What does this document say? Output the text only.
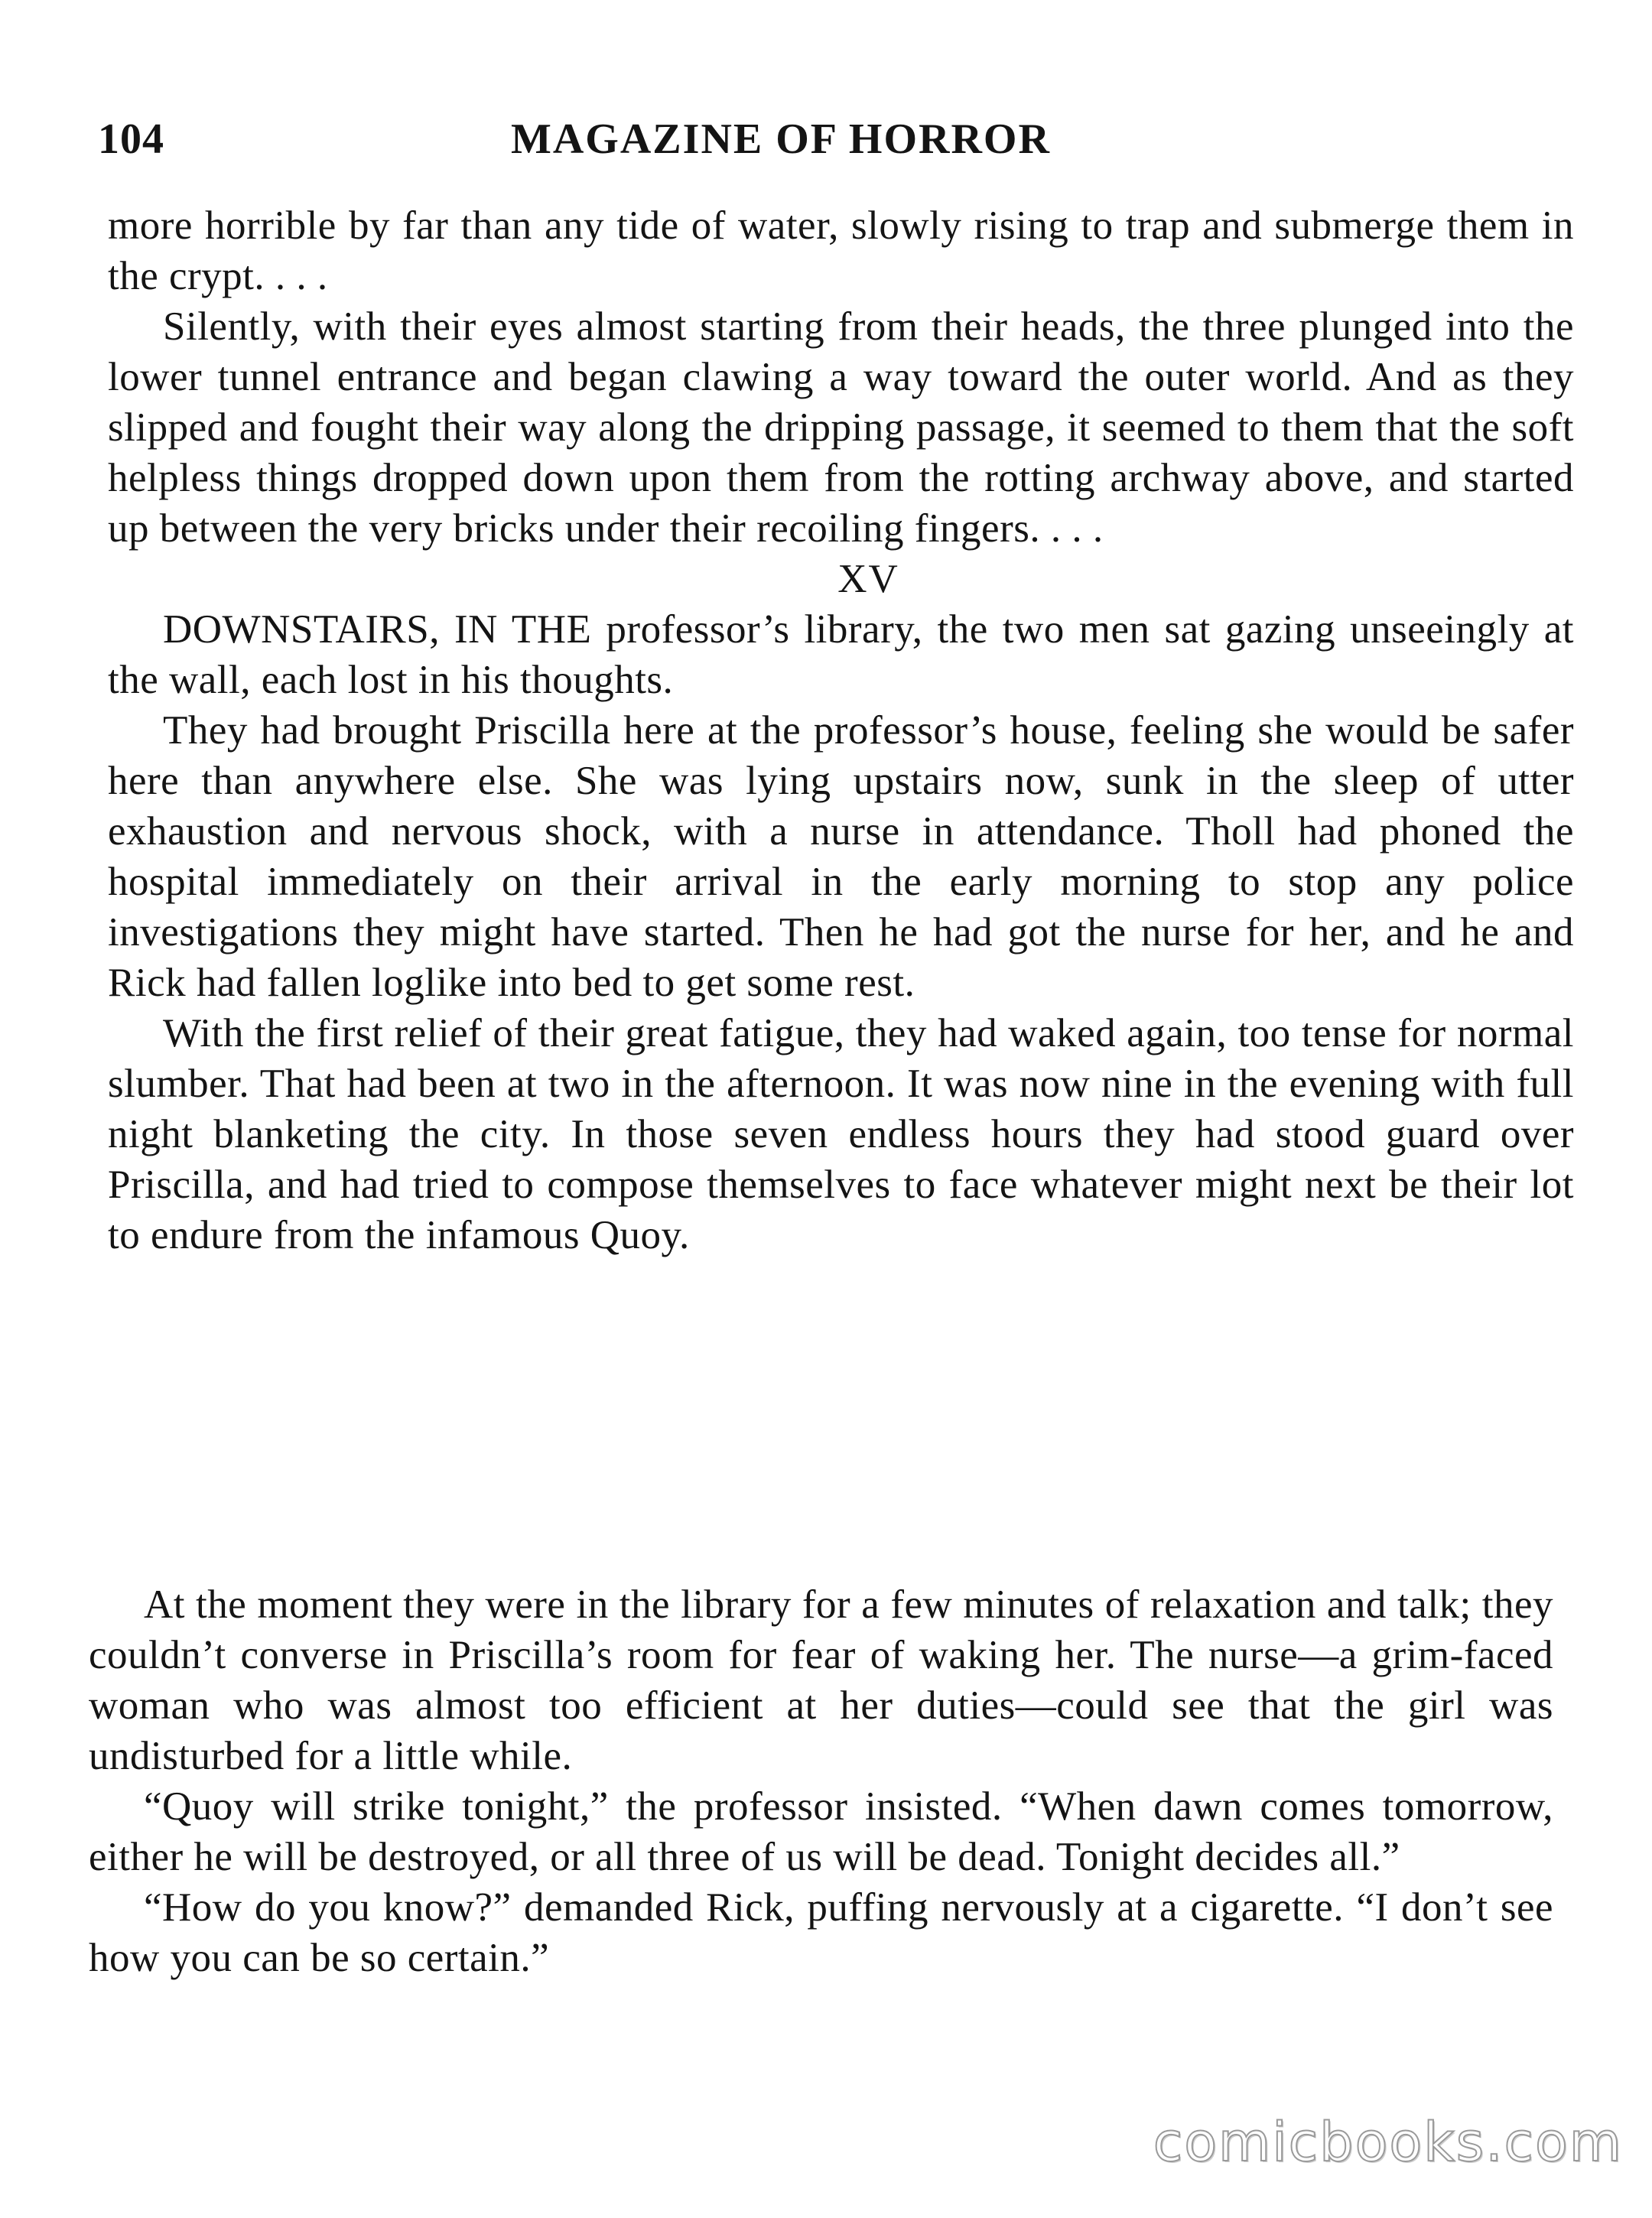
104	MAGAZINE OF HORROR

more horrible by far than any tide of water, slowly rising to trap and submerge them in the crypt. . . .

Silently, with their eyes almost starting from their heads, the three plunged into the lower tunnel entrance and began clawing a way toward the outer world. And as they slipped and fought their way along the dripping passage, it seemed to them that the soft helpless things dropped down upon them from the rotting archway above, and started up between the very bricks under their recoiling fingers. . . .

XV

DOWNSTAIRS, IN THE professor’s library, the two men sat gazing unseeingly at the wall, each lost in his thoughts.

They had brought Priscilla here at the professor’s house, feeling she would be safer here than anywhere else. She was lying upstairs now, sunk in the sleep of utter exhaustion and nervous shock, with a nurse in attendance. Tholl had phoned the hospital immediately on their arrival in the early morning to stop any police investigations they might have started. Then he had got the nurse for her, and he and Rick had fallen loglike into bed to get some rest.

With the first relief of their great fatigue, they had waked again, too tense for normal slumber. That had been at two in the afternoon. It was now nine in the evening with full night blanketing the city. In those seven endless hours they had stood guard over Priscilla, and had tried to compose themselves to face whatever might next be their lot to endure from the infamous Quoy.

At the moment they were in the library for a few minutes of relaxation and talk; they couldn’t converse in Priscilla’s room for fear of waking her. The nurse—a grim-faced woman who was almost too efficient at her duties—could see that the girl was undisturbed for a little while.

“Quoy will strike tonight,” the professor insisted. “When dawn comes tomorrow, either he will be destroyed, or all three of us will be dead. Tonight decides all.”

“How do you know?” demanded Rick, puffing nervously at a cigarette. “I don’t see how you can be so certain.”

comicbooks.com
